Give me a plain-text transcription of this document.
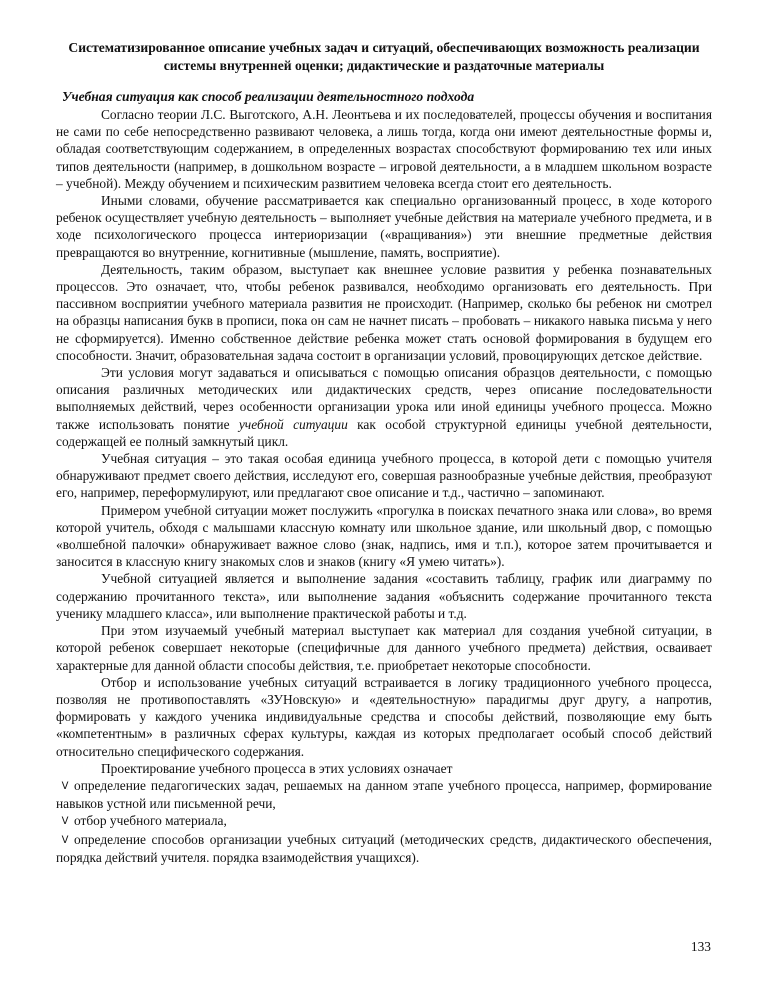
Систематизированное описание учебных задач и ситуаций, обеспечивающих возможность реализации системы внутренней оценки; дидактические и раздаточные материалы

Учебная ситуация как способ реализации деятельностного подхода

Согласно теории Л.С. Выготского, А.Н. Леонтьева и их последователей, процессы обучения и воспитания не сами по себе непосредственно развивают человека, а лишь тогда, когда они имеют деятельностные формы и, обладая соответствующим содержанием, в определенных возрастах способствуют формированию тех или иных типов деятельности (например, в дошкольном возрасте – игровой деятельности, а в младшем школьном возрасте – учебной). Между обучением и психическим развитием человека всегда стоит его деятельность.

Иными словами, обучение рассматривается как специально организованный процесс, в ходе которого ребенок осуществляет учебную деятельность – выполняет учебные действия на материале учебного предмета, и в ходе психологического процесса интериоризации («вращивания») эти внешние предметные действия превращаются во внутренние, когнитивные (мышление, память, восприятие).

Деятельность, таким образом, выступает как внешнее условие развития у ребенка познавательных процессов. Это означает, что, чтобы ребенок развивался, необходимо организовать его деятельность. При пассивном восприятии учебного материала развития не происходит. (Например, сколько бы ребенок ни смотрел на образцы написания букв в прописи, пока он сам не начнет писать – пробовать – никакого навыка письма у него не сформируется). Именно собственное действие ребенка может стать основой формирования в будущем его способности. Значит, образовательная задача состоит в организации условий, провоцирующих детское действие.

Эти условия могут задаваться и описываться с помощью описания образцов деятельности, с помощью описания различных методических или дидактических средств, через описание последовательности выполняемых действий, через особенности организации урока или иной единицы учебного процесса. Можно также использовать понятие учебной ситуации как особой структурной единицы учебной деятельности, содержащей ее полный замкнутый цикл.

Учебная ситуация – это такая особая единица учебного процесса, в которой дети с помощью учителя обнаруживают предмет своего действия, исследуют его, совершая разнообразные учебные действия, преобразуют его, например, переформулируют, или предлагают свое описание и т.д., частично – запоминают.

Примером учебной ситуации может послужить «прогулка в поисках печатного знака или слова», во время которой учитель, обходя с малышами классную комнату или школьное здание, или школьный двор, с помощью «волшебной палочки» обнаруживает важное слово (знак, надпись, имя и т.п.), которое затем прочитывается и заносится в классную книгу знакомых слов и знаков (книгу «Я умею читать»).

Учебной ситуацией является и выполнение задания «составить таблицу, график или диаграмму по содержанию прочитанного текста», или выполнение задания «объяснить содержание прочитанного текста ученику младшего класса», или выполнение практической работы и т.д.

При этом изучаемый учебный материал выступает как материал для создания учебной ситуации, в которой ребенок совершает некоторые (специфичные для данного учебного предмета) действия, осваивает характерные для данной области способы действия, т.е. приобретает некоторые способности.

Отбор и использование учебных ситуаций встраивается в логику традиционного учебного процесса, позволяя не противопоставлять «ЗУНовскую» и «деятельностную» парадигмы друг другу, а напротив, формировать у каждого ученика индивидуальные средства и способы действий, позволяющие ему быть «компетентным» в различных сферах культуры, каждая из которых предполагает особый способ действий относительно специфического содержания.

Проектирование учебного процесса в этих условиях означает

ᐯ определение педагогических задач, решаемых на данном этапе учебного процесса, например, формирование навыков устной или письменной речи,

ᐯ отбор учебного материала,

ᐯ определение способов организации учебных ситуаций (методических средств, дидактического обеспечения, порядка действий учителя. порядка взаимодействия учащихся).

133
